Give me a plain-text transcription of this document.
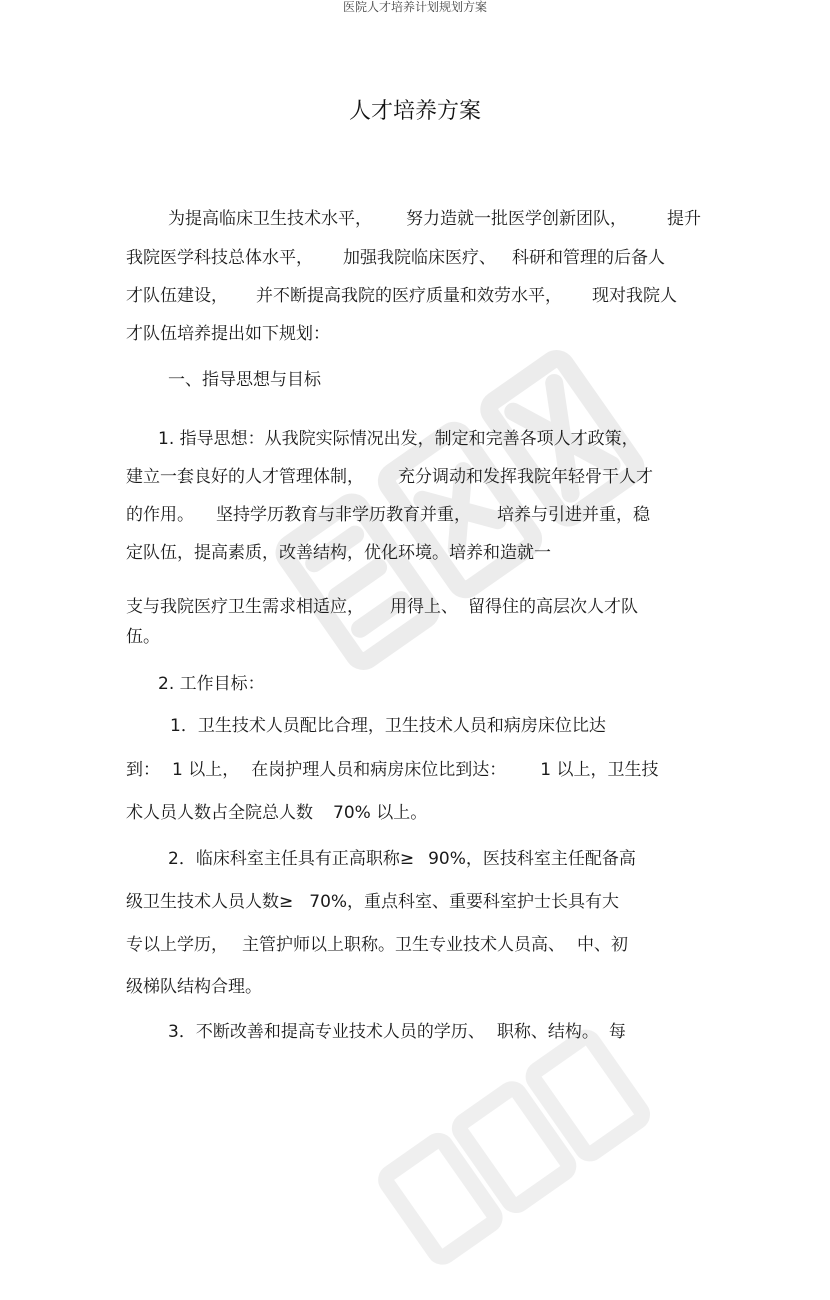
医院人才培养计划规划方案
人才培养方案
为提高临床卫生技术水平， 努力造就一批医学创新团队， 提升
我院医学科技总体水平， 加强我院临床医疗、 科研和管理的后备人
才队伍建设， 并不断提高我院的医疗质量和效劳水平， 现对我院人
才队伍培养提出如下规划：
一、指导思想与目标
1. 指导思想：从我院实际情况出发，制定和完善各项人才政策，
建立一套良好的人才管理体制， 充分调动和发挥我院年轻骨干人才
的作用。 坚持学历教育与非学历教育并重， 培养与引进并重，稳
定队伍，提高素质，改善结构，优化环境。培养和造就一
支与我院医疗卫生需求相适应， 用得上、 留得住的高层次人才队
伍。
2. 工作目标：
1．卫生技术人员配比合理，卫生技术人员和病房床位比达
到： 1 以上， 在岗护理人员和病房床位比到达： 1 以上，卫生技
术人员人数占全院总人数 70% 以上。
2．临床科室主任具有正高职称≥ 90%，医技科室主任配备高
级卫生技术人员人数≥ 70%，重点科室、重要科室护士长具有大
专以上学历， 主管护师以上职称。卫生专业技术人员高、 中、初
级梯队结构合理。
3．不断改善和提高专业技术人员的学历、 职称、结构。 每
